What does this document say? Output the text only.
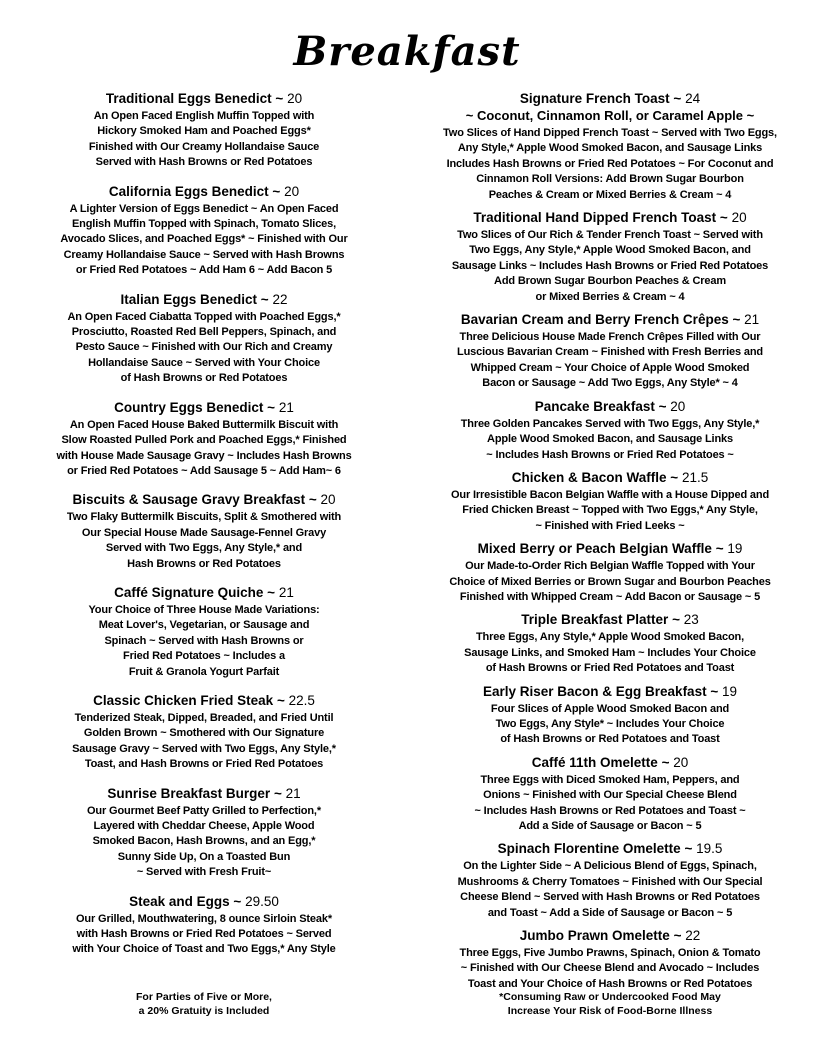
Breakfast
Traditional Eggs Benedict ~ 20

An Open Faced English Muffin Topped with
Hickory Smoked Ham and Poached Eggs*
Finished with Our Creamy Hollandaise Sauce
Served with Hash Browns or Red Potatoes

California Eggs Benedict ~ 20

A Lighter Version of Eggs Benedict ~ An Open Faced
English Muffin Topped with Spinach, Tomato Slices,
Avocado Slices, and Poached Eggs* ~ Finished with Our
Creamy Hollandaise Sauce ~ Served with Hash Browns
or Fried Red Potatoes ~ Add Ham 6 ~ Add Bacon 5

Italian Eggs Benedict ~ 22

An Open Faced Ciabatta Topped with Poached Eggs,*
Prosciutto, Roasted Red Bell Peppers, Spinach, and
Pesto Sauce ~ Finished with Our Rich and Creamy
Hollandaise Sauce ~ Served with Your Choice
of Hash Browns or Red Potatoes

Country Eggs Benedict ~ 21

An Open Faced House Baked Buttermilk Biscuit with
Slow Roasted Pulled Pork and Poached Eggs,* Finished
with House Made Sausage Gravy ~ Includes Hash Browns
or Fried Red Potatoes ~ Add Sausage 5 ~ Add Ham~ 6

Biscuits & Sausage Gravy Breakfast ~ 20

Two Flaky Buttermilk Biscuits, Split & Smothered with
Our Special House Made Sausage-Fennel Gravy
Served with Two Eggs, Any Style,* and
Hash Browns or Red Potatoes

Caffé Signature Quiche ~ 21

Your Choice of Three House Made Variations:
Meat Lover's, Vegetarian, or Sausage and
Spinach ~ Served with Hash Browns or
Fried Red Potatoes ~ Includes a
Fruit & Granola Yogurt Parfait

Classic Chicken Fried Steak ~ 22.5

Tenderized Steak, Dipped, Breaded, and Fried Until
Golden Brown ~ Smothered with Our Signature
Sausage Gravy ~ Served with Two Eggs, Any Style,*
Toast, and Hash Browns or Fried Red Potatoes

Sunrise Breakfast Burger ~ 21

Our Gourmet Beef Patty Grilled to Perfection,*
Layered with Cheddar Cheese, Apple Wood
Smoked Bacon, Hash Browns, and an Egg,*
Sunny Side Up, On a Toasted Bun
~ Served with Fresh Fruit~

Steak and Eggs ~ 29.50

Our Grilled, Mouthwatering, 8 ounce Sirloin Steak*
with Hash Browns or Fried Red Potatoes ~ Served
with Your Choice of Toast and Two Eggs,* Any Style

Signature French Toast ~ 24
~ Coconut, Cinnamon Roll, or Caramel Apple ~

Two Slices of Hand Dipped French Toast ~ Served with Two Eggs,
Any Style,* Apple Wood Smoked Bacon, and Sausage Links
Includes Hash Browns or Fried Red Potatoes ~ For Coconut and
Cinnamon Roll Versions: Add Brown Sugar Bourbon
Peaches & Cream or Mixed Berries & Cream ~ 4

Traditional Hand Dipped French Toast ~ 20

Two Slices of Our Rich & Tender French Toast ~ Served with
Two Eggs, Any Style,* Apple Wood Smoked Bacon, and
Sausage Links ~ Includes Hash Browns or Fried Red Potatoes
Add Brown Sugar Bourbon Peaches & Cream
or Mixed Berries & Cream ~ 4

Bavarian Cream and Berry French Crêpes ~ 21

Three Delicious House Made French Crêpes Filled with Our
Luscious Bavarian Cream ~ Finished with Fresh Berries and
Whipped Cream ~ Your Choice of Apple Wood Smoked
Bacon or Sausage ~ Add Two Eggs, Any Style* ~ 4

Pancake Breakfast ~ 20

Three Golden Pancakes Served with Two Eggs, Any Style,*
Apple Wood Smoked Bacon, and Sausage Links
~ Includes Hash Browns or Fried Red Potatoes ~

Chicken & Bacon Waffle ~ 21.5

Our Irresistible Bacon Belgian Waffle with a House Dipped and
Fried Chicken Breast ~ Topped with Two Eggs,* Any Style,
~ Finished with Fried Leeks ~

Mixed Berry or Peach Belgian Waffle ~ 19

Our Made-to-Order Rich Belgian Waffle Topped with Your
Choice of Mixed Berries or Brown Sugar and Bourbon Peaches
Finished with Whipped Cream ~ Add Bacon or Sausage ~ 5

Triple Breakfast Platter ~ 23

Three Eggs, Any Style,* Apple Wood Smoked Bacon,
Sausage Links, and Smoked Ham ~ Includes Your Choice
of Hash Browns or Fried Red Potatoes and Toast

Early Riser Bacon & Egg Breakfast ~ 19

Four Slices of Apple Wood Smoked Bacon and
Two Eggs, Any Style* ~ Includes Your Choice
of Hash Browns or Red Potatoes and Toast

Caffé 11th Omelette ~ 20

Three Eggs with Diced Smoked Ham, Peppers, and
Onions ~ Finished with Our Special Cheese Blend
~ Includes Hash Browns or Red Potatoes and Toast ~
Add a Side of Sausage or Bacon ~ 5

Spinach Florentine Omelette ~ 19.5

On the Lighter Side ~ A Delicious Blend of Eggs, Spinach,
Mushrooms & Cherry Tomatoes ~ Finished with Our Special
Cheese Blend ~ Served with Hash Browns or Red Potatoes
and Toast ~ Add a Side of Sausage or Bacon ~ 5

Jumbo Prawn Omelette ~ 22

Three Eggs, Five Jumbo Prawns, Spinach, Onion & Tomato
~ Finished with Our Cheese Blend and Avocado ~ Includes
Toast and Your Choice of Hash Browns or Red Potatoes

For Parties of Five or More,
a 20% Gratuity is Included
*Consuming Raw or Undercooked Food May
Increase Your Risk of Food-Borne Illness
